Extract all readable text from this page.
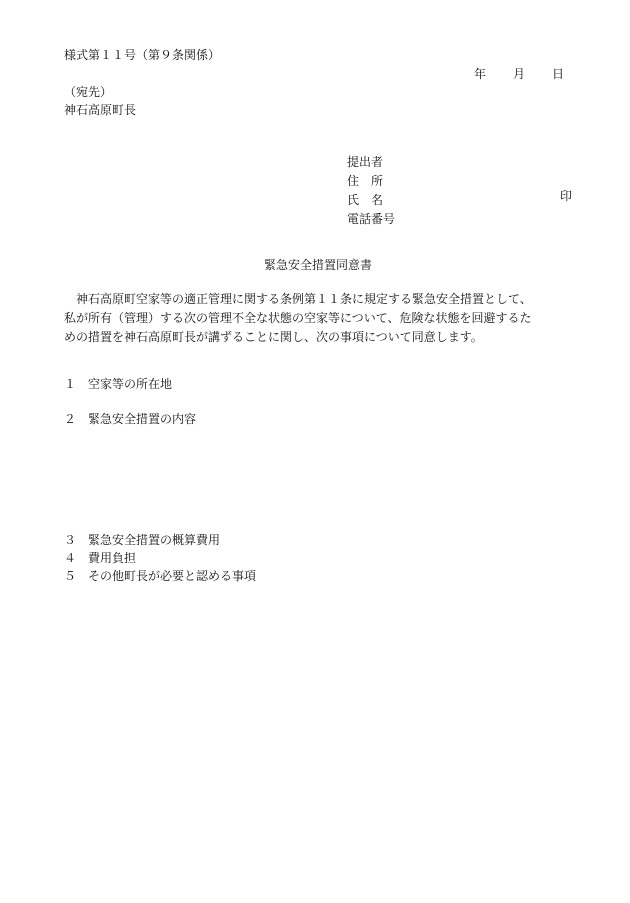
様式第１１号（第９条関係）
年 月 日
（宛先）
神石高原町長
提出者
住　所
氏　名
電話番号
印
緊急安全措置同意書

　神石高原町空家等の適正管理に関する条例第１１条に規定する緊急安全措置として、

私が所有（管理）する次の管理不全な状態の空家等について、危険な状態を回避するた

めの措置を神石高原町長が講ずることに関し、次の事項について同意します。

１ 空家等の所在地
２ 緊急安全措置の内容
３ 緊急安全措置の概算費用
４ 費用負担
５ その他町長が必要と認める事項
